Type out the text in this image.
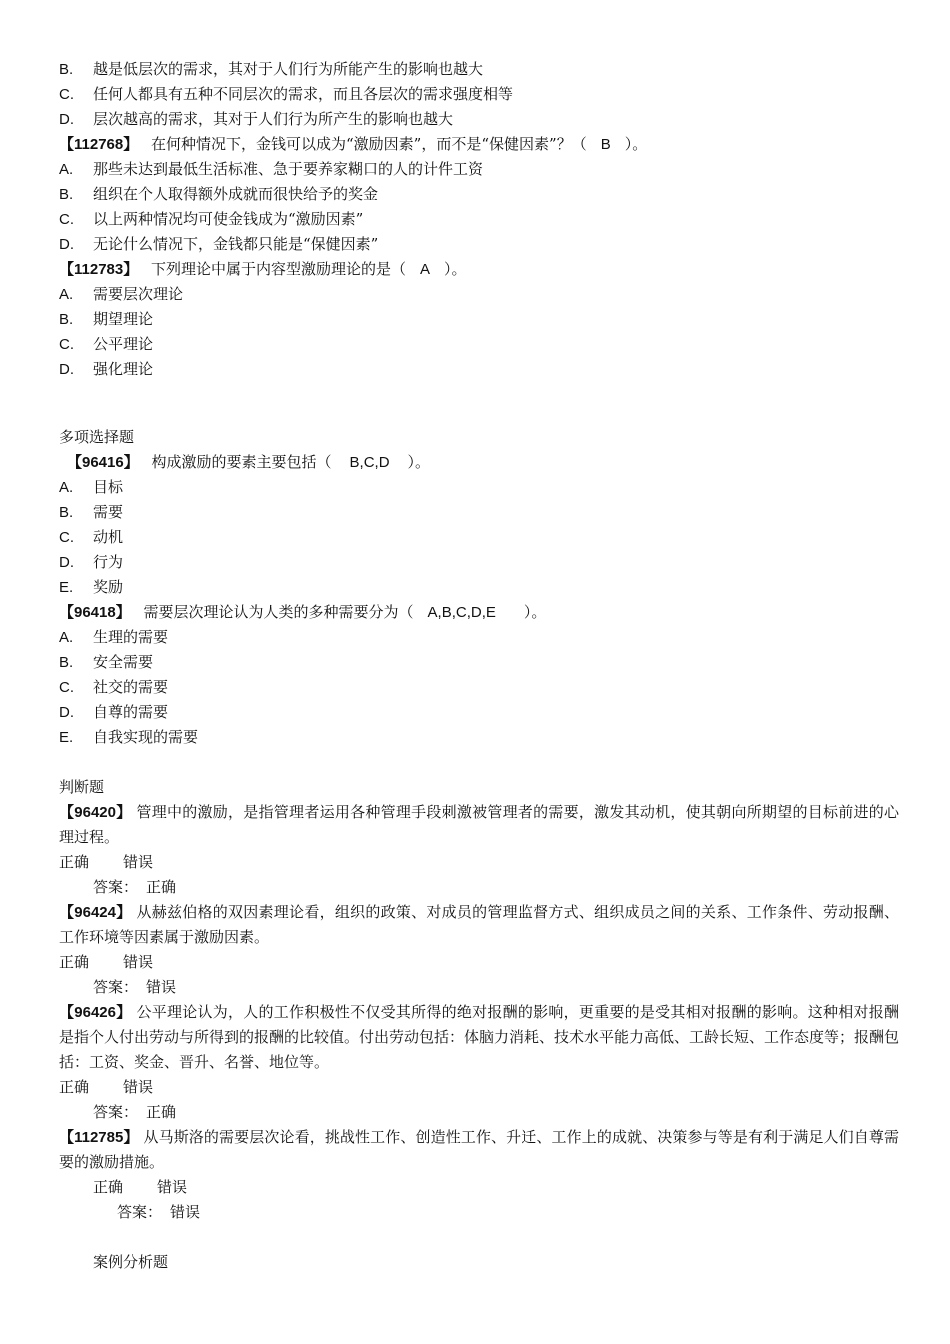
B. 越是低层次的需求，其对于人们行为所能产生的影响也越大
C. 任何人都具有五种不同层次的需求，而且各层次的需求强度相等
D. 层次越高的需求，其对于人们行为所产生的影响也越大
【112768】 在何种情况下，金钱可以成为“激励因素”，而不是“保健因素”？（ B ）。
A. 那些未达到最低生活标准、急于要养家糊口的人的计件工资
B. 组织在个人取得额外成就而很快给予的奖金
C. 以上两种情况均可使金钱成为“激励因素”
D. 无论什么情况下，金钱都只能是“保健因素”
【112783】 下列理论中属于内容型激励理论的是（ A ）。
A. 需要层次理论
B. 期望理论
C. 公平理论
D. 强化理论
多项选择题
【96416】 构成激励的要素主要包括（ B,C,D ）。
A. 目标
B. 需要
C. 动机
D. 行为
E. 奖励
【96418】 需要层次理论认为人类的多种需要分为（ A,B,C,D,E ）。
A. 生理的需要
B. 安全需要
C. 社交的需要
D. 自尊的需要
E. 自我实现的需要
判断题
【96420】 管理中的激励，是指管理者运用各种管理手段刺激被管理者的需要，激发其动机，使其朝向所期望的目标前进的心理过程。
正确 错误
答案： 正确
【96424】 从赫兹伯格的双因素理论看，组织的政策、对成员的管理监督方式、组织成员之间的关系、工作条件、劳动报酬、工作环境等因素属于激励因素。
正确 错误
答案： 错误
【96426】 公平理论认为，人的工作积极性不仅受其所得的绝对报酬的影响，更重要的是受其相对报酬的影响。这种相对报酬是指个人付出劳动与所得到的报酬的比较值。付出劳动包括：体脑力消耗、技术水平能力高低、工龄长短、工作态度等；报酬包括：工资、奖金、晋升、名誉、地位等。
正确 错误
答案： 正确
【112785】 从马斯洛的需要层次论看，挑战性工作、创造性工作、升迁、工作上的成就、决策参与等是有利于满足人们自尊需要的激励措施。
正确 错误
答案： 错误
案例分析题
